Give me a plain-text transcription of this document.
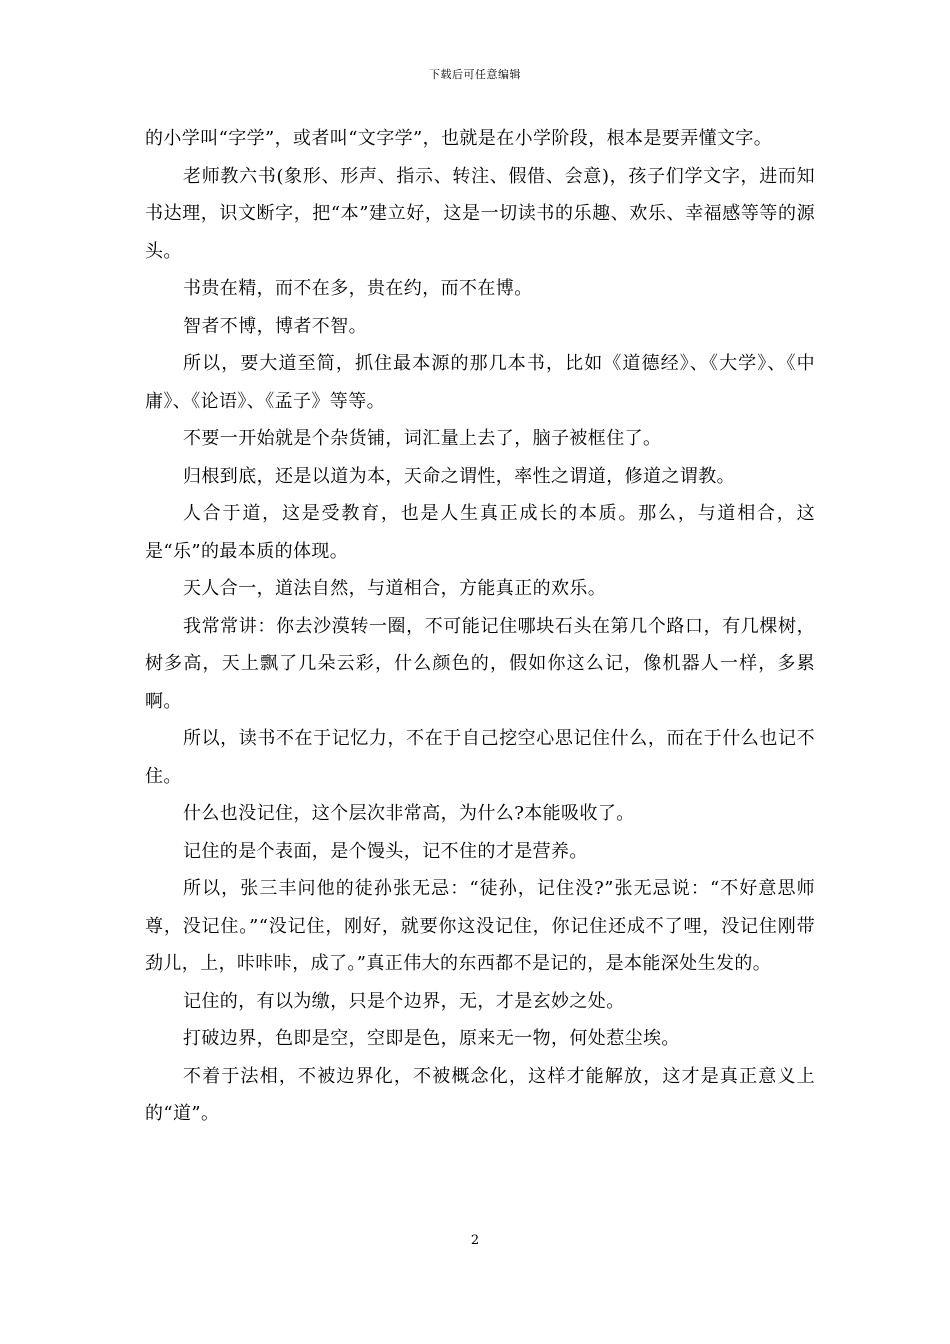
下载后可任意编辑

的小学叫“字学”，或者叫“文字学”，也就是在小学阶段，根本是要弄懂文字。

老师教六书(象形、形声、指示、转注、假借、会意)，孩子们学文字，进而知书达理，识文断字，把“本”建立好，这是一切读书的乐趣、欢乐、幸福感等等的源头。

书贵在精，而不在多，贵在约，而不在博。

智者不博，博者不智。

所以，要大道至简，抓住最本源的那几本书，比如《道德经》、《大学》、《中庸》、《论语》、《孟子》等等。

不要一开始就是个杂货铺，词汇量上去了，脑子被框住了。

归根到底，还是以道为本，天命之谓性，率性之谓道，修道之谓教。

人合于道，这是受教育，也是人生真正成长的本质。那么，与道相合，这是“乐”的最本质的体现。

天人合一，道法自然，与道相合，方能真正的欢乐。

我常常讲：你去沙漠转一圈，不可能记住哪块石头在第几个路口，有几棵树，树多高，天上飘了几朵云彩，什么颜色的，假如你这么记，像机器人一样，多累啊。

所以，读书不在于记忆力，不在于自己挖空心思记住什么，而在于什么也记不住。

什么也没记住，这个层次非常高，为什么?本能吸收了。

记住的是个表面，是个馒头，记不住的才是营养。

所以，张三丰问他的徒孙张无忌：“徒孙，记住没?”张无忌说：“不好意思师尊，没记住。”“没记住，刚好，就要你这没记住，你记住还成不了哩，没记住刚带劲儿，上，咔咔咔，成了。”真正伟大的东西都不是记的，是本能深处生发的。

记住的，有以为缴，只是个边界，无，才是玄妙之处。

打破边界，色即是空，空即是色，原来无一物，何处惹尘埃。

不着于法相，不被边界化，不被概念化，这样才能解放，这才是真正意义上的“道”。

2
